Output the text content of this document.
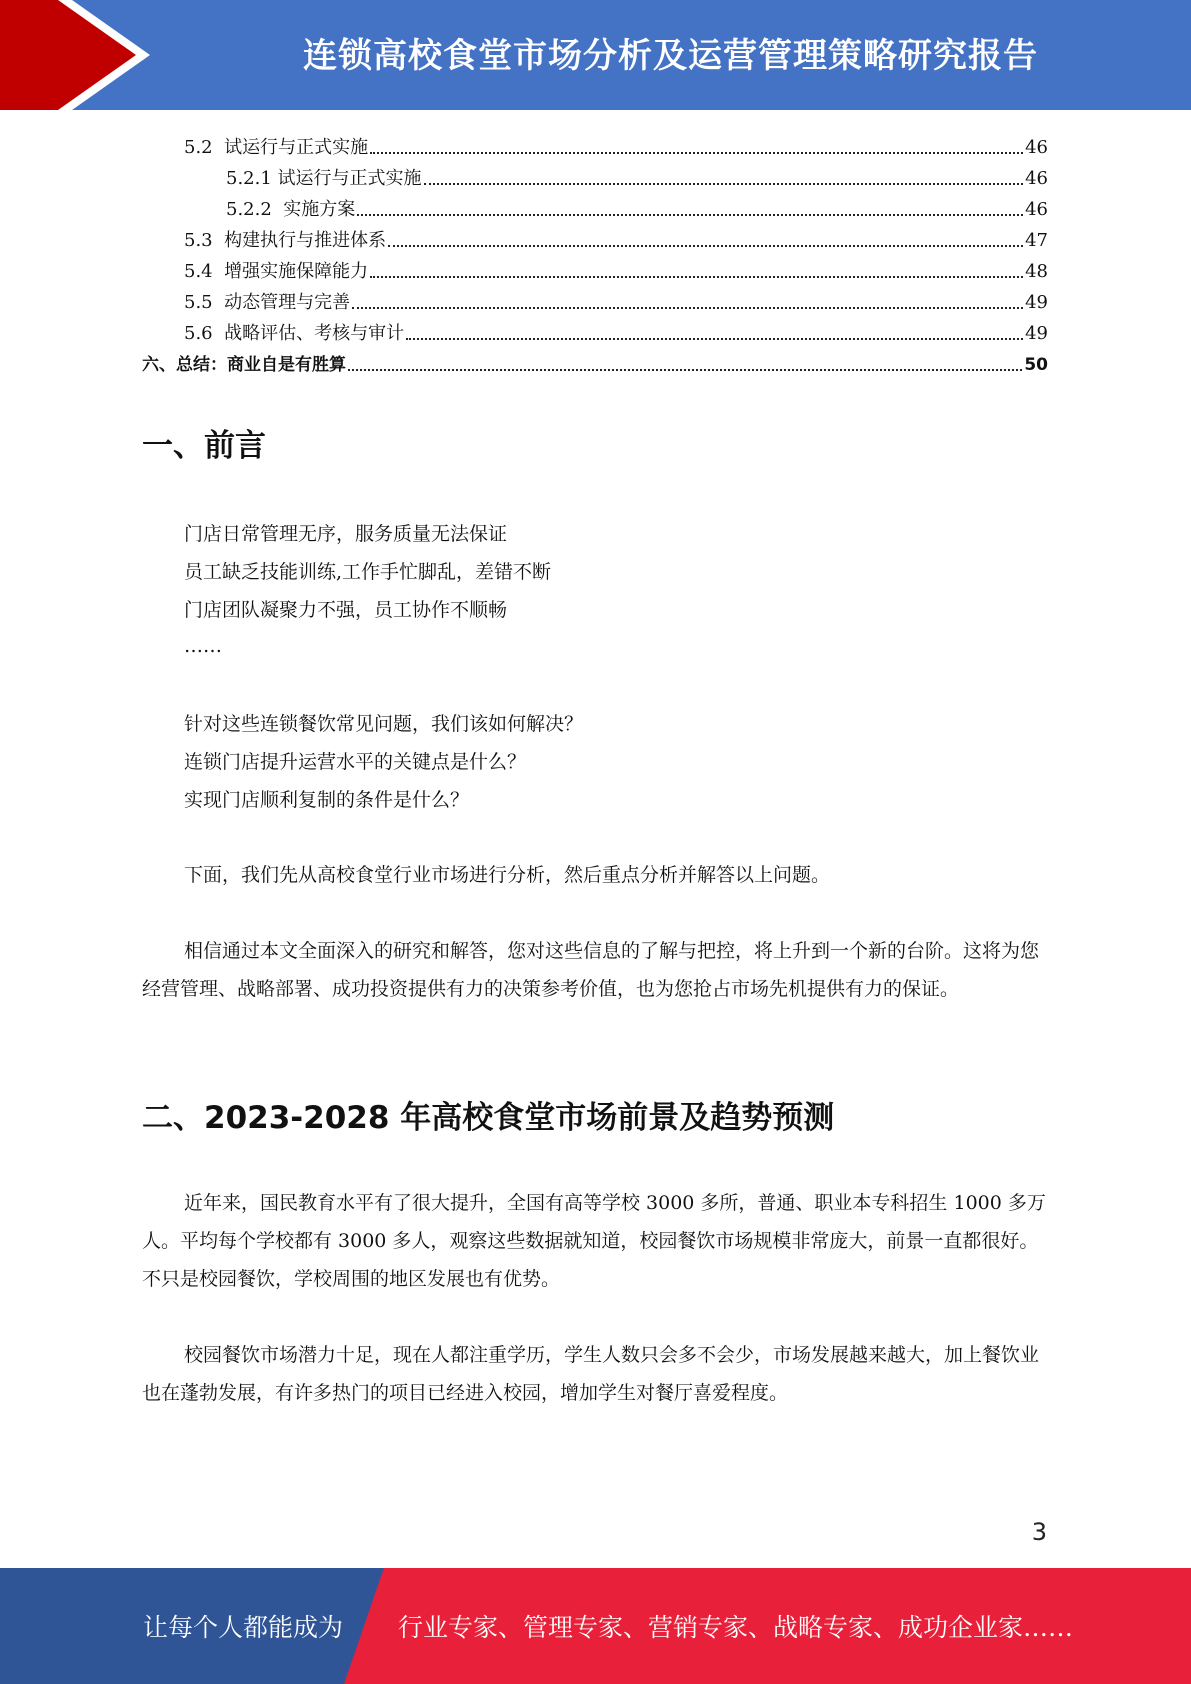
连锁高校食堂市场分析及运营管理策略研究报告
5.2  试运行与正式实施	46
5.2.1 试运行与正式实施	46
5.2.2  实施方案	46
5.3  构建执行与推进体系	47
5.4  增强实施保障能力	48
5.5  动态管理与完善	49
5.6  战略评估、考核与审计	49
六、总结：商业自是有胜算	50
一、前言
门店日常管理无序，服务质量无法保证
员工缺乏技能训练,工作手忙脚乱，差错不断
门店团队凝聚力不强，员工协作不顺畅
……
针对这些连锁餐饮常见问题，我们该如何解决？
连锁门店提升运营水平的关键点是什么？
实现门店顺利复制的条件是什么？
下面，我们先从高校食堂行业市场进行分析，然后重点分析并解答以上问题。
相信通过本文全面深入的研究和解答，您对这些信息的了解与把控，将上升到一个新的台阶。这将为您经营管理、战略部署、成功投资提供有力的决策参考价值，也为您抢占市场先机提供有力的保证。
二、2023-2028 年高校食堂市场前景及趋势预测
近年来，国民教育水平有了很大提升，全国有高等学校 3000 多所，普通、职业本专科招生 1000 多万人。平均每个学校都有 3000 多人，观察这些数据就知道，校园餐饮市场规模非常庞大，前景一直都很好。不只是校园餐饮，学校周围的地区发展也有优势。
校园餐饮市场潜力十足，现在人都注重学历，学生人数只会多不会少，市场发展越来越大，加上餐饮业也在蓬勃发展，有许多热门的项目已经进入校园，增加学生对餐厅喜爱程度。
3
让每个人都能成为 行业专家、管理专家、营销专家、战略专家、成功企业家……
